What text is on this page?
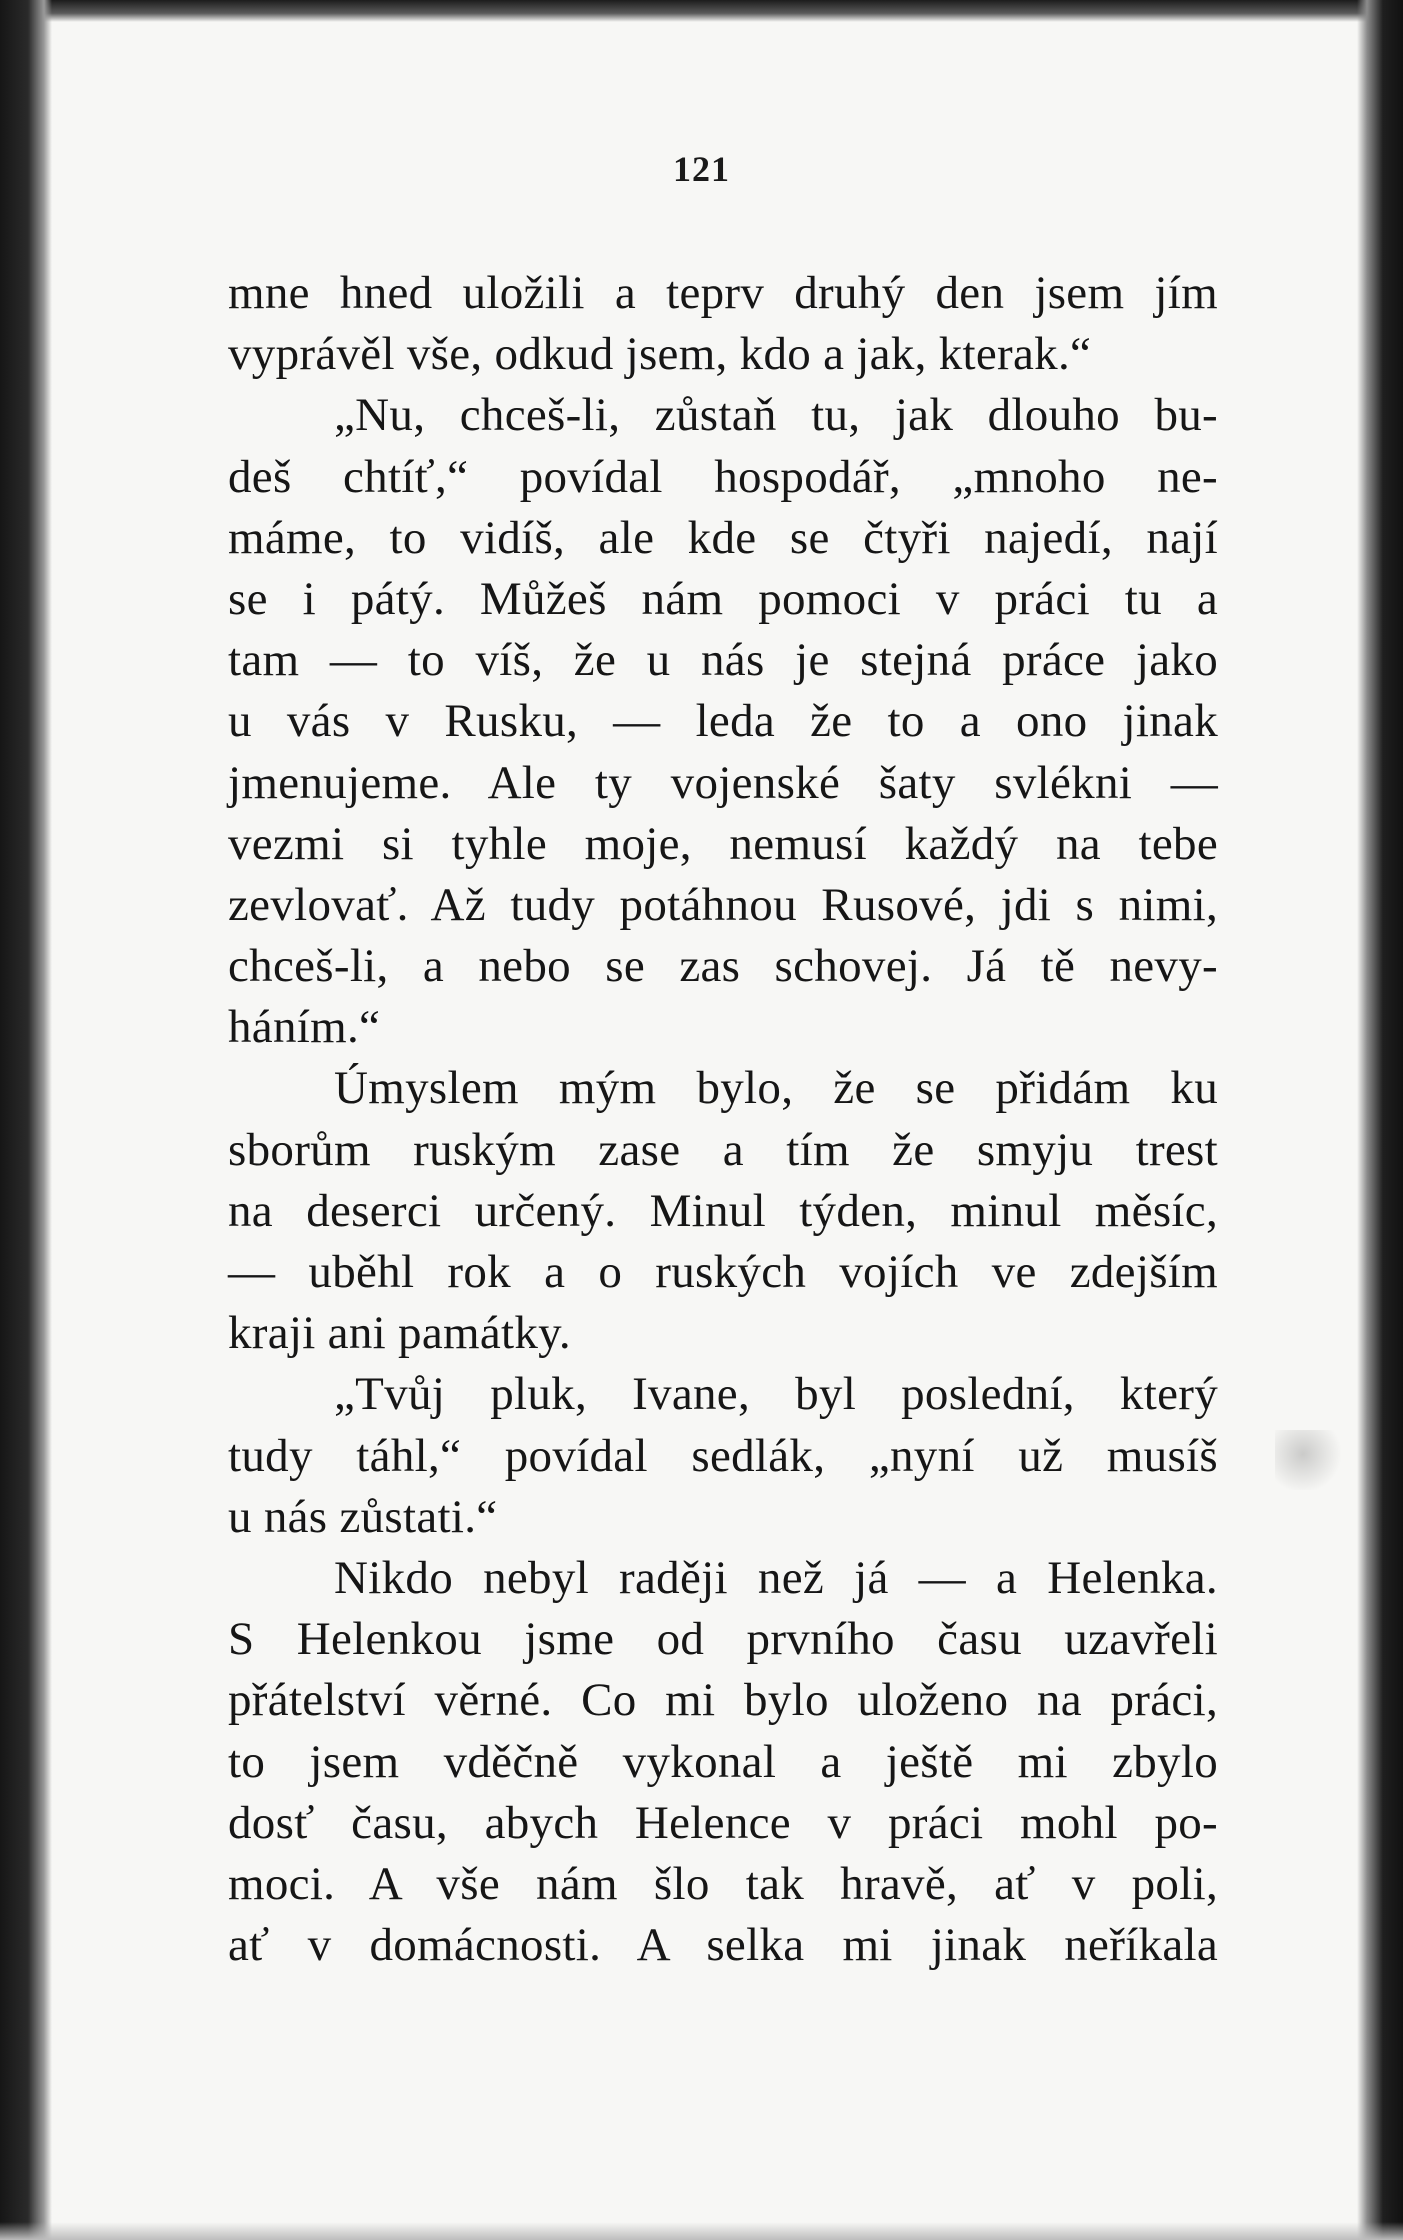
121
mne hned uložili a teprv druhý den jsem jím
vyprávěl vše, odkud jsem, kdo a jak, kterak.“
„Nu, chceš-li, zůstaň tu, jak dlouho bu-
deš chtíť,“ povídal hospodář, „mnoho ne-
máme, to vidíš, ale kde se čtyři najedí, nají
se i pátý. Můžeš nám pomoci v práci tu a
tam — to víš, že u nás je stejná práce jako
u vás v Rusku, — leda že to a ono jinak
jmenujeme. Ale ty vojenské šaty svlékni —
vezmi si tyhle moje, nemusí každý na tebe
zevlovať. Až tudy potáhnou Rusové, jdi s nimi,
chceš-li, a nebo se zas schovej. Já tě nevy-
háním.“
Úmyslem mým bylo, že se přidám ku
sborům ruským zase a tím že smyju trest
na deserci určený. Minul týden, minul měsíc,
— uběhl rok a o ruských vojích ve zdejším
kraji ani památky.
„Tvůj pluk, Ivane, byl poslední, který
tudy táhl,“ povídal sedlák, „nyní už musíš
u nás zůstati.“
Nikdo nebyl raději než já — a Helenka.
S Helenkou jsme od prvního času uzavřeli
přátelství věrné. Co mi bylo uloženo na práci,
to jsem vděčně vykonal a ještě mi zbylo
dosť času, abych Helence v práci mohl po-
moci. A vše nám šlo tak hravě, ať v poli,
ať v domácnosti. A selka mi jinak neříkala
